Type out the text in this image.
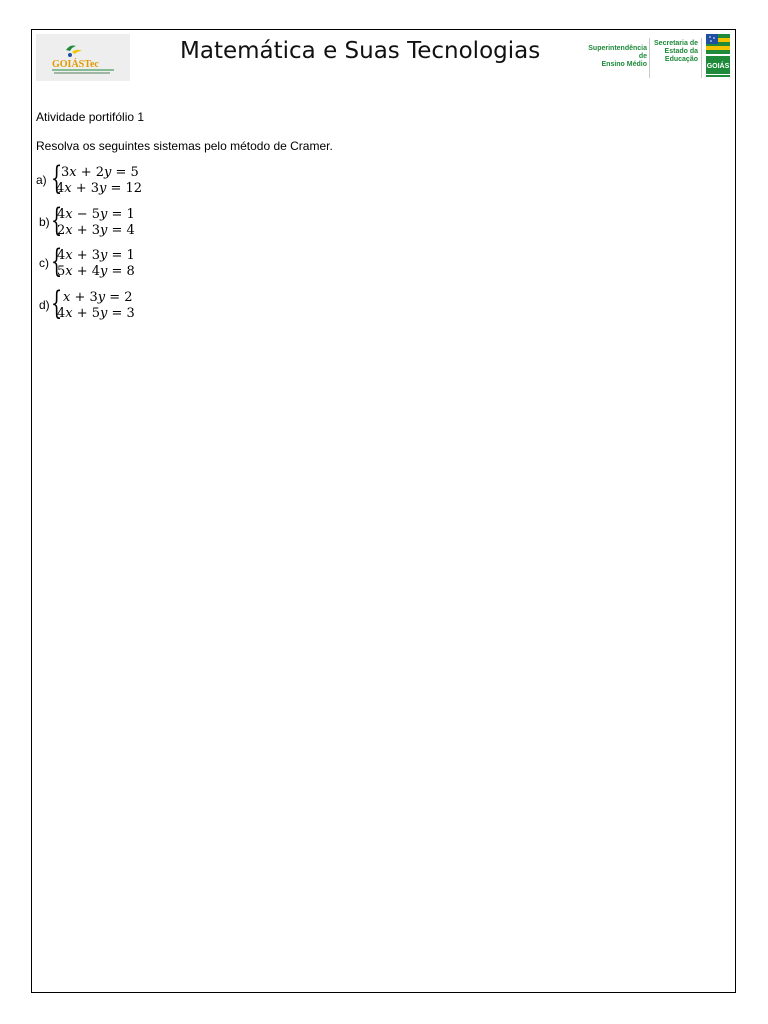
GOIÁSTec
Matemática e Suas Tecnologias	Superintendência de
Ensino Médio
Secretaria de
Estado da
Educação
GOIÁS

Atividade portifólio 1

Resolva os seguintes sistemas pelo método de Cramer.

a) {
3𝑥 + 2𝑦 = 5
4𝑥 + 3𝑦 = 12
b) {
4𝑥 − 5𝑦 = 1
2𝑥 + 3𝑦 = 4
c) {
4𝑥 + 3𝑦 = 1
5𝑥 + 4𝑦 = 8
d) { 𝑥 + 3𝑦 = 2
4𝑥 + 5𝑦 = 3
